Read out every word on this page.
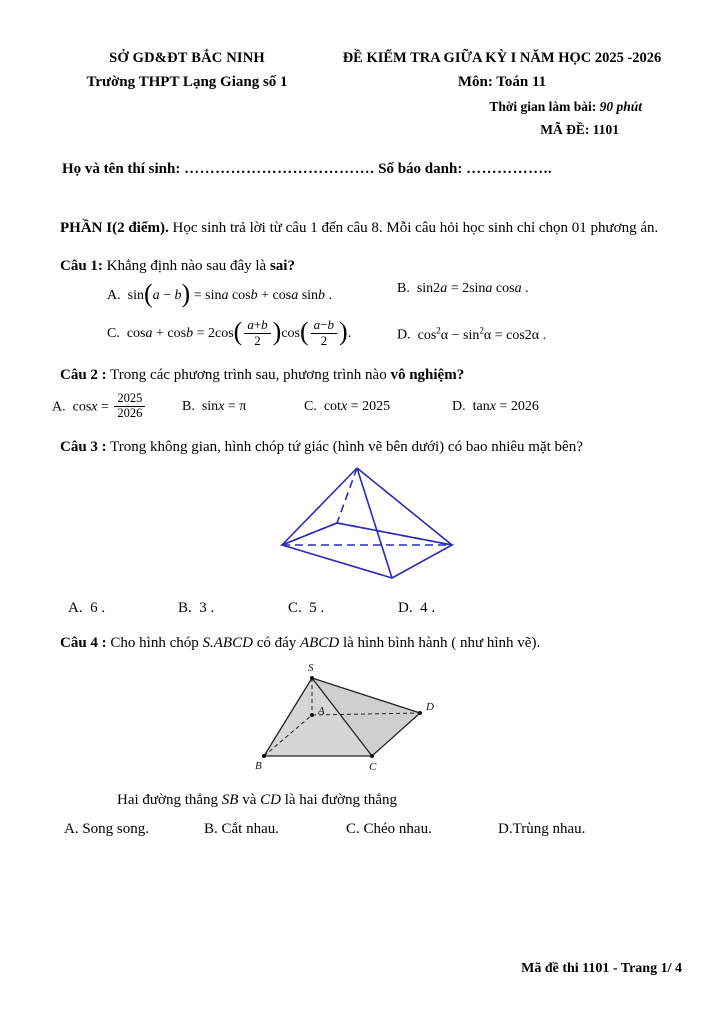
SỞ GD&ĐT BẮC NINH	ĐỀ KIỂM TRA GIỮA KỲ I NĂM HỌC 2025 -2026
Trường THPT Lạng Giang số 1	Môn: Toán 11
Thời gian làm bài: 90 phút
MÃ ĐỀ: 1101
Họ và tên thí sinh: ………………………………. Số báo danh: ……………..
PHẦN I(2 điểm). Học sinh trả lời từ câu 1 đến câu 8. Mỗi câu hỏi học sinh chỉ chọn 01 phương án.
Câu 1: Khẳng định nào sau đây là sai?
A.  sin(a − b) = sina cosb + cosa sinb .	B.  sin2a = 2sina cosa .
C.  $\cos a + \cos b = 2\cos( \frac{a+b}{2} )\cos( \frac{a-b}{2}$ ).	D.  $\cos^2\alpha - \sin^2\alpha = \cos 2\alpha$ .
Câu 2 : Trong các phương trình sau, phương trình nào vô nghiệm?
A.  $\cos x = \frac{2025}{2026}$	B.  sinx = π	C.  cotx = 2025	D.  tanx = 2026
Câu 3 : Trong không gian, hình chóp tứ giác (hình vẽ bên dưới) có bao nhiêu mặt bên?
A. 6 .	B. 3 .	C. 5 .	D. 4 .
Câu 4 : Cho hình chóp S.ABCD có đáy ABCD là hình bình hành ( như hình vẽ).
S
A
B	C
D
Hai đường thẳng SB và CD là hai đường thẳng
A. Song song.	B. Cắt nhau.	C. Chéo nhau.	D.Trùng nhau.
Mã đề thi 1101 - Trang 1/ 4
